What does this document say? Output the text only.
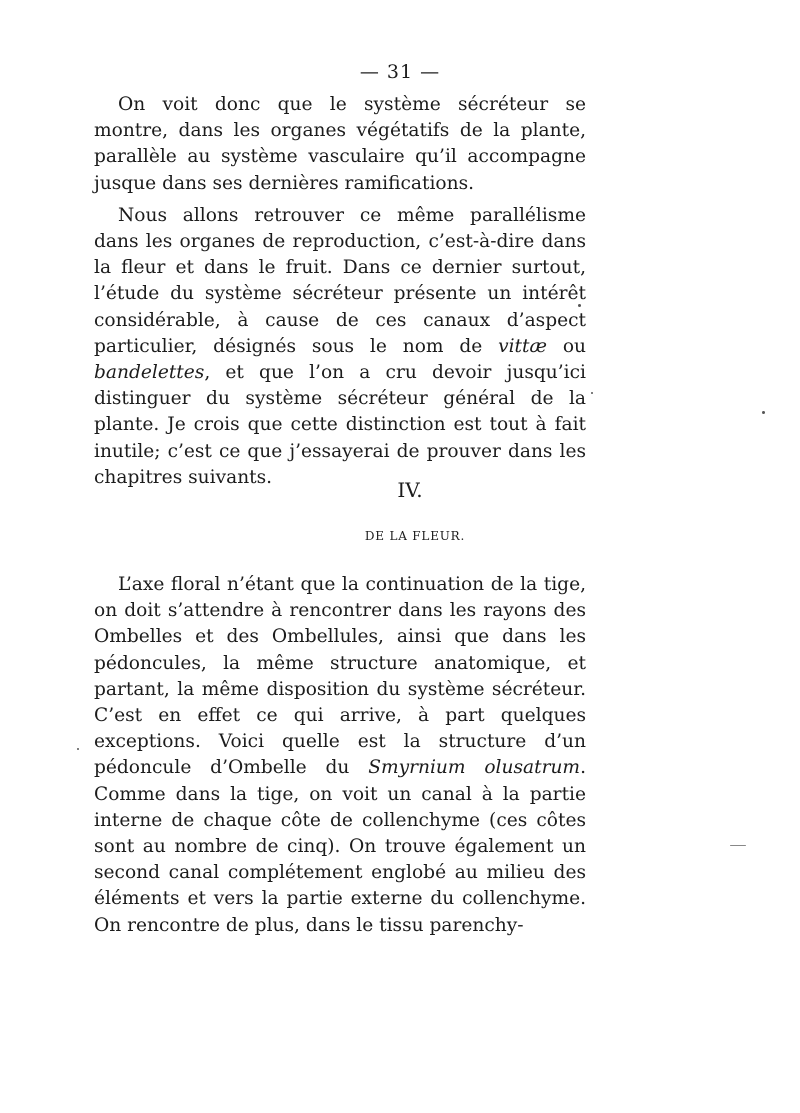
— 31 —

On voit donc que le système sécréteur se montre, dans les organes végétatifs de la plante, parallèle au système vasculaire qu’il accompagne jusque dans ses dernières ramifications.

Nous allons retrouver ce même parallélisme dans les organes de reproduction, c’est-à-dire dans la fleur et dans le fruit. Dans ce dernier surtout, l’étude du système sécréteur présente un intérêt considérable, à cause de ces canaux d’aspect particulier, désignés sous le nom de vittæ ou bandelettes, et que l’on a cru devoir jusqu’ici distinguer du système sécréteur général de la plante. Je crois que cette distinction est tout à fait inutile; c’est ce que j’essayerai de prouver dans les chapitres suivants.

IV.
DE LA FLEUR.

L’axe floral n’étant que la continuation de la tige, on doit s’attendre à rencontrer dans les rayons des Ombelles et des Ombellules, ainsi que dans les pédoncules, la même structure anatomique, et partant, la même disposition du système sécréteur. C’est en effet ce qui arrive, à part quelques exceptions. Voici quelle est la structure d’un pédoncule d’Ombelle du Smyrnium olusatrum. Comme dans la tige, on voit un canal à la partie interne de chaque côte de collenchyme (ces côtes sont au nombre de cinq). On trouve également un second canal complétement englobé au milieu des éléments et vers la partie externe du collenchyme. On rencontre de plus, dans le tissu parenchy-
